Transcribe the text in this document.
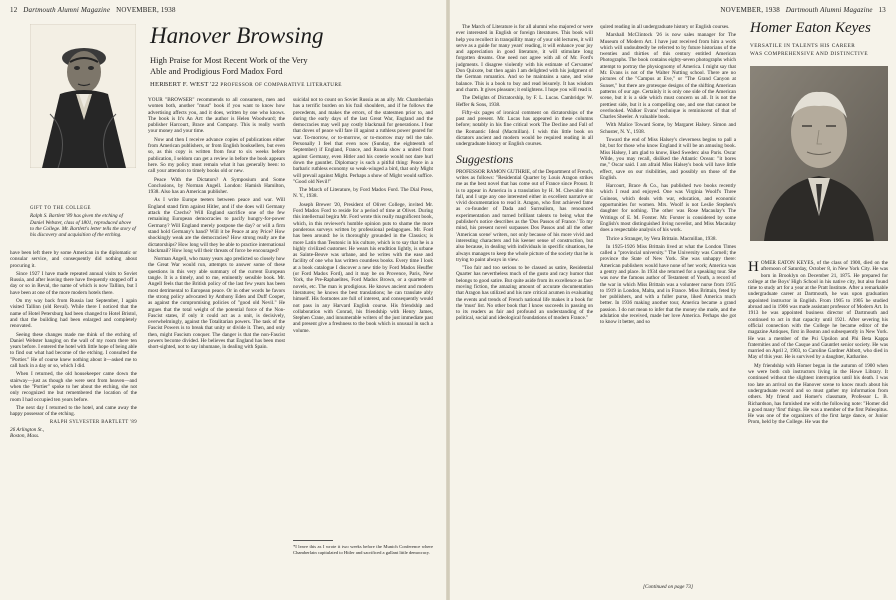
12 Dartmouth Alumni Magazine NOVEMBER, 1938
Hanover Browsing
High Praise for Most Recent Work of the Very
Able and Prodigious Ford Madox Ford
HERBERT F. WEST '22 PROFESSOR OF COMPARATIVE LITERATURE
GIFT TO THE COLLEGE
Ralph S. Bartlett '89 has given the etching of Daniel Webster, class of 1801, reproduced above to the College. Mr. Bartlett's letter tells the story of his discovery and acquisition of the etching.

have been left there by some American in the diplomatic or consular service, and consequently did nothing about procuring it.

Since 1927 I have made repeated annual visits to Soviet Russia, and after leaving there have frequently stopped off a day or so in Reval, the name of which is now Tallinn, but I have been at one of the more modern hotels there.

On my way back from Russia last September, I again visited Tallinn (old Reval). While there I noticed that the name of Hotel Petersburg had been changed to Hotel Bristol, and that the building had been enlarged and completely renovated.

Seeing these changes made me think of the etching of Daniel Webster hanging on the wall of my room there ten years before. I entered the hotel with little hope of being able to find out what had become of the etching. I consulted the "Portier." He of course knew nothing about it—asked me to call back in a day or so, which I did.

When I returned, the old housekeeper came down the stairway—just as though she were sent from heaven—and when the "Portier" spoke to her about the etching, she not only recognized me but remembered the location of the room I had occupied ten years before.

The next day I returned to the hotel, and came away the happy possessor of the etching.

RALPH SYLVESTER BARTLETT '89
26 Arlington St.,
Boston, Mass.

YOUR "BROWSER" recommends to all consumers, men and women both, another "must" book if you want to know how advertising affects you, and it does, written by one who knows. The book is It's An Art: the author is Helen Woodward; the publisher Harcourt, Brace and Company. This is really worth your money and your time.

Now and then I receive advance copies of publications either from American publishers, or from English booksellers, but even so, as this copy is written from four to six weeks before publication, I seldom can get a review in before the book appears here. So my policy must remain what it has generally been: to call your attention to timely books old or new.

Peace With the Dictators? A Symposium and Some Conclusions, by Norman Angell. London: Hamish Hamilton, 1938. Also has an American publisher.

As I write Europe teeters between peace and war. Will England stand firm against Hitler, and if she does will Germany attack the Czechs? Will England sacrifice one of the few remaining European democracies to pacify hungry-for-power Germany? Will England merely postpone the day? or will a firm stand hold Germany's hand? Will it be Peace at any Price? How shockingly weak are the democracies? How strong really are the dictatorships? How long will they be able to practice international blackmail? How long will their threats of force be encouraged?

Norman Angell, who many years ago predicted so closely how the Great War would run, attempts to answer some of these questions in this very able summary of the current European tangle. It is a timely, and to me, eminently sensible book. Mr. Angell feels that the British policy of the last few years has been most detrimental to European peace. Or in other words he favors the strong policy advocated by Anthony Eden and Duff Cooper, as against the compromising policies of "good old Nevil." He argues that the total weight of the potential force of the Non-Fascist states, if only it could act as a unit, is decisively, overwhelmingly, against the Totalitarian powers. The task of the Fascist Powers is to break that unity or divide it. Then, and only then, might Fascism conquer. The danger is that the non-Fascist powers become divided. He believes that England has been most short-sighted, not to say inhumane, in dealing with Spain.

suicidal not to count on Soviet Russia as an ally. Mr. Chamberlain has a terrific burden on his frail shoulders, and if he follows the precedents, and makes the errors, of the statesmen prior to, and during the early days of the last Great War, England and the democracies may well pay costly blackmail for generations. I fear that doves of peace will fare ill against a ruthless power geared for war. To-morrow, or to-morrow, or to-morrow may tell the tale. Personally I feel that even now (Sunday, the eighteenth of September) if England, France, and Russia show a united front against Germany, even Hitler and his coterie would not dare hurl down the gauntlet. Diplomacy is such a pitiful thing: Peace in a barbaric ruthless economy so weak-winged a bird, that only Might will prevail against Might. Perhaps a show of Might would suffice. "Good old Nevil!"

The March of Literature, by Ford Madox Ford. The Dial Press, N. Y., 1938.

Joseph Brewer '20, President of Olivet College, invited Mr. Ford Madox Ford to reside for a period of time at Olivet. During this intellectual begira Mr. Ford wrote this really magnificent book, which, in this reviewer's humble opinion puts to shame the more ponderous surveys written by professional pedagogues. Mr. Ford has been around: he is thoroughly grounded in the Classics; is more Latin than Teutonic in his culture, which is to say that he is a highly civilized customer. He wears his erudition lightly, is urbane as Sainte-Beuve was urbane, and he writes with the ease and facility of one who has written countless books. Every time I look at a book catalogue I discover a new title by Ford Madox Heuffer (or Ford Madox Ford), and it may be on Provence, Paris, New York, the Pre-Raphaelites, Ford Madox Brown, or a quartette of novels, etc. The man is prodigious. He knows ancient and modern literatures; he knows the best translations; he can translate ably himself. His footnotes are full of interest, and consequently would not pass in any Harvard English course. His friendship and collaboration with Conrad, his friendship with Henry James, Stephen Crane, and innumerable writers of the just immediate past and present give a freshness to the book which is unusual in such a volume.

*I leave this as I wrote it two weeks before the Munich Conference where Chamberlain capitulated to Hitler and sacrificed a gallant little democracy.
NOVEMBER, 1938 Dartmouth Alumni Magazine 13

The March of Literature is for all alumni who majored or were ever interested in English or foreign literatures. This book will help you recollect in tranquillity many of your old lectures, it will serve as a guide for many years' reading, it will enhance your joy and appreciation in good literature, it will stimulate long forgotten dreams. One need not agree with all of Mr. Ford's judgments. I disagree violently with his estimate of Cervantes' Don Quixote, but then again I am delighted with his judgment of the German romantics. And so he maintains a sane, and wise balance. This is a book to buy and read leisurely. It has wisdom and charm. It gives pleasure; it enlightens. I hope you will read it.

The Delights of Dictatorship, by F. L. Lucas. Cambridge: W. Heffer & Sons, 1938.

Fifty-six pages of ironical comment on dictatorships of the past and present. Mr. Lucas has appeared in these columns before; notably in his fine critical work The Decline and Fall of the Romantic Ideal (Macmillan). I wish this little book on dictators ancient and modern would be required reading in all undergraduate history or English courses.

Suggestions

PROFESSOR RAMON GUTHRIE, of the Department of French, writes as follows: "Residential Quarter by Louis Aragon strikes me as the best novel that has come out of France since Proust. It is to appear in America in a translation by H. M. Chevalier this fall, and I urge any one interested either in excellent narrative or vivid documentation to read it. Aragon, who first achieved fame as co-founder of Dada and Surrealism, has renounced experimentation and turned brilliant talents to being what the publisher's notice describes as the 'Dos Passos of France.' To my mind, his present novel surpasses Dos Passos and all the other 'American scene' writers, not only because of his more vivid and interesting characters and his keener sense of construction, but also because, in dealing with individuals in specific situations, he always manages to keep the whole picture of the society that he is trying to paint always in view.

"Too fair and too serious to be classed as satire, Residential Quarter has nevertheless much of the gusto and racy humor that belongs to good satire. But quite aside from its excellence as fast-moving fiction, the amazing amount of accurate documentation that Aragon has utilized and his rare critical acumen in evaluating the events and trends of French national life makes it a book for the 'must' list. No other book that I know succeeds in passing on to its readers as fair and profound an understanding of the political, social and ideological foundations of modern France."

quired reading in all undergraduate history or English courses.

Marshall McClintock '26 is now sales manager for The Museum of Modern Art. I have just received from him a work which will undoubtedly be referred to by future historians of the twenties and thirties of this century entitled American Photographs. The book contains eighty-seven photographs which attempt to portray the physiognomy of America. I might say that Mr. Evans is not of the Walter Nutting school. There are no pictures of the "Campus at Eve," or "The Grand Canyon at Sunset," but there are grotesque designs of the shifting American patterns of our age. Certainly it is only one side of the American scene, but it is a side which must concern us all. It is not the prettiest side, but it is a compelling one, and one that cannot be overlooked. Walker Evans' technique is reminiscent of that of Charles Sheeler. A valuable book.

With Malice Toward Some, by Margaret Halsey. Simon and Schuster, N. Y., 1938.

Toward the end of Miss Halsey's cleverness begins to pall a bit, but for those who know England it will be an amusing book. Miss Halsey, I am glad to know, liked Sweden: also Paris. Oscar Wilde, you may recall, disliked the Atlantic Ocean: "it bores me," Oscar said. I am afraid Miss Halsey's book will have little effect, save on our risibilities, and possibly on those of the English.

Harcourt, Brace & Co., has published two books recently which I read and enjoyed. One was Virginia Woolf's Three Guineas, which deals with war, education, and economic opportunities for women. Mrs. Woolf is not Leslie Stephen's daughter for nothing. The other was Rose Macaulay's The Writings of E. M. Forster. Mr. Forster is considered by some English's most distinguished living novelist, and Miss Macaulay does a respectable analysis of his work.

Thrice a Stranger, by Vera Brittain. Macmillan, 1938.

In 1925-1926 Miss Brittain lived at what the London Times called a "provincial university." The University was Cornell; the province the State of New York. She was unhappy there: American publishers would have none of her work; America was a gentry and place. In 1934 she returned for a speaking tour. She was now the famous author of Testament of Youth, a record of the war in which Miss Brittain was a volunteer nurse from 1915 to 1919 in London, Malta, and in France. Miss Brittain, feted by her publishers, and with a fuller purse, liked America much better. In 1936 making another tour, America became a grand passion. I do not mean to infer that the money she made, and the adulation she received, made her love America. Perhaps she got to know it better, and so

[Continued on page 73]
Homer Eaton Keyes
VERSATILE IN TALENTS HIS CAREER
WAS COMPREHENSIVE AND DISTINCTIVE

HOMER EATON KEYES, of the class of 1900, died on the afternoon of Saturday, October 8, in New York City. He was born in Brooklyn on December 21, 1875. He prepared for college at the Boys' High School in his native city, but also found time to study art for a year at the Pratt Institute. After a remarkable undergraduate career at Dartmouth, he was upon graduation appointed instructor in English. From 1905 to 1905 he studied abroad and in 1906 was made assistant professor of Modern Art. In 1913 he was appointed business director of Dartmouth and continued to act in that capacity until 1921. After severing his official connection with the College he became editor of the magazine Antiques, first in Boston and subsequently in New York. He was a member of the Psi Upsilon and Phi Beta Kappa fraternities and of the Casque and Gauntlet senior society. He was married on April 2, 1903, to Caroline Gardner Abbott, who died in May of this year. He is survived by a daughter, Katharine.

My friendship with Homer began in the autumn of 1900 when we were both cub instructors living in the Howe Library. It continued without the slightest interruption until his death. I was too late an arrival on the Hanover scene to know much about his undergraduate record and so must gather my information from others. My friend and Homer's classmate, Professor L. B. Richardson, has furnished me with the following note: "Homer did a good many 'first' things. He was a member of the first Paleopitus. He was one of the organizers of the first large dance, or Junior Prom, held by the College. He was the
